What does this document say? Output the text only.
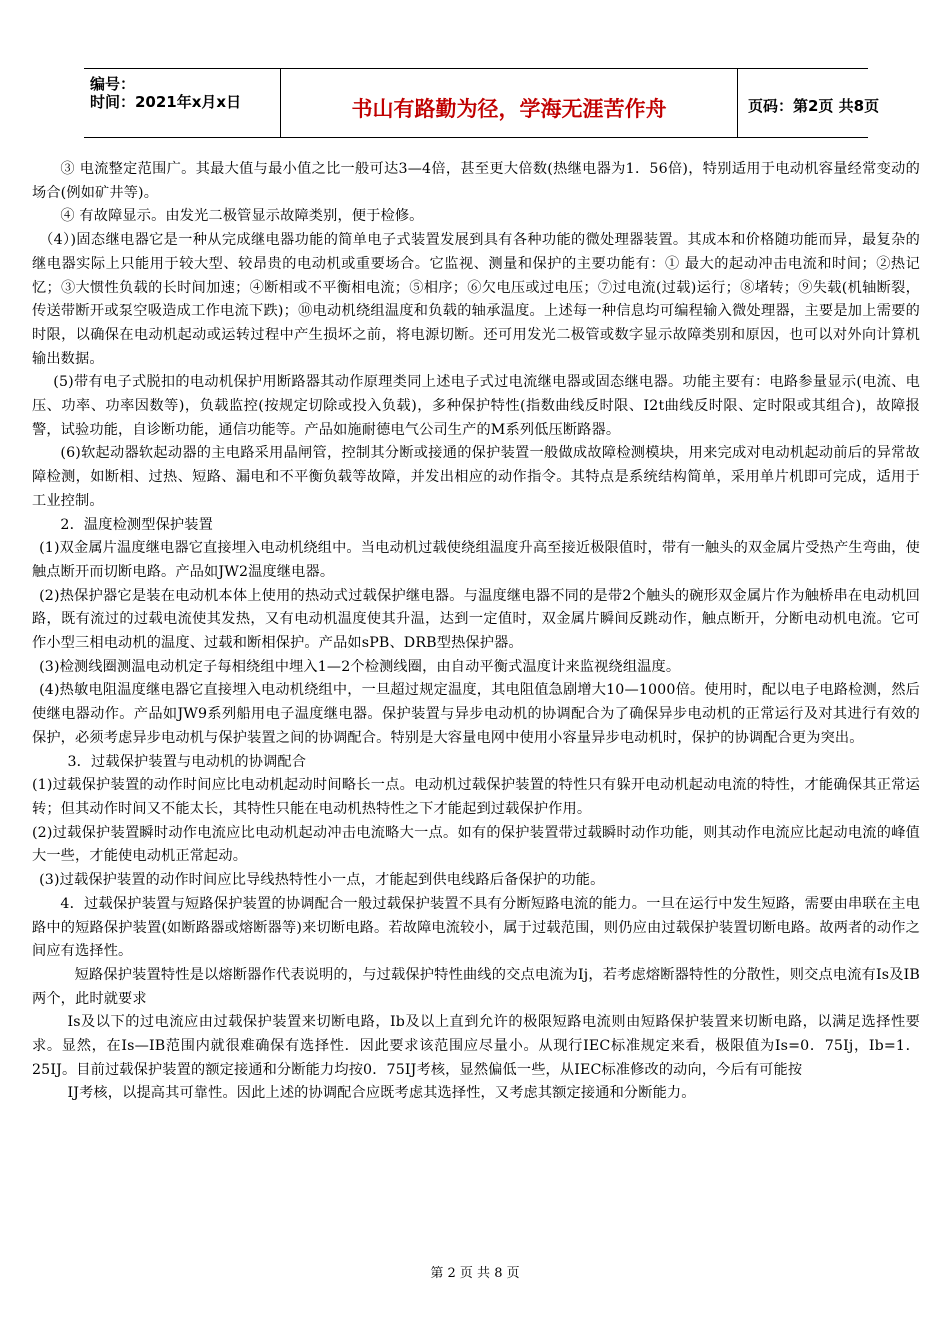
编号：
时间：2021年x月x日	书山有路勤为径，学海无涯苦作舟	页码：第2页 共8页

③ 电流整定范围广。其最大值与最小值之比一般可达3—4倍，甚至更大倍数(热继电器为1．56倍)，特别适用于电动机容量经常变动的场合(例如矿井等)。

④ 有故障显示。由发光二极管显示故障类别，便于检修。

（4）)固态继电器它是一种从完成继电器功能的简单电子式装置发展到具有各种功能的微处理器装置。其成本和价格随功能而异，最复杂的继电器实际上只能用于较大型、较昂贵的电动机或重要场合。它监视、测量和保护的主要功能有：① 最大的起动冲击电流和时间；②热记忆；③大惯性负载的长时间加速；④断相或不平衡相电流；⑤相序；⑥欠电压或过电压；⑦过电流(过载)运行；⑧堵转；⑨失载(机轴断裂，传送带断开或泵空吸造成工作电流下跌)；⑩电动机绕组温度和负载的轴承温度。上述每一种信息均可编程输入微处理器，主要是加上需要的时限，以确保在电动机起动或运转过程中产生损坏之前，将电源切断。还可用发光二极管或数字显示故障类别和原因，也可以对外向计算机输出数据。

(5)带有电子式脱扣的电动机保护用断路器其动作原理类同上述电子式过电流继电器或固态继电器。功能主要有：电路参量显示(电流、电压、功率、功率因数等)，负载监控(按规定切除或投入负载)，多种保护特性(指数曲线反时限、I2t曲线反时限、定时限或其组合)，故障报警，试验功能，自诊断功能，通信功能等。产品如施耐德电气公司生产的M系列低压断路器。

(6)软起动器软起动器的主电路采用晶闸管，控制其分断或接通的保护装置一般做成故障检测模块，用来完成对电动机起动前后的异常故障检测，如断相、过热、短路、漏电和不平衡负载等故障，并发出相应的动作指令。其特点是系统结构简单，采用单片机即可完成，适用于工业控制。

2．温度检测型保护装置

(1)双金属片温度继电器它直接埋入电动机绕组中。当电动机过载使绕组温度升高至接近极限值时，带有一触头的双金属片受热产生弯曲，使触点断开而切断电路。产品如JW2温度继电器。

(2)热保护器它是装在电动机本体上使用的热动式过载保护继电器。与温度继电器不同的是带2个触头的碗形双金属片作为触桥串在电动机回路，既有流过的过载电流使其发热，又有电动机温度使其升温，达到一定值时，双金属片瞬间反跳动作，触点断开，分断电动机电流。它可作小型三相电动机的温度、过载和断相保护。产品如sPB、DRB型热保护器。

(3)检测线圈测温电动机定子每相绕组中埋入1—2个检测线圈，由自动平衡式温度计来监视绕组温度。

(4)热敏电阻温度继电器它直接埋入电动机绕组中，一旦超过规定温度，其电阻值急剧增大10—1000倍。使用时，配以电子电路检测，然后使继电器动作。产品如JW9系列船用电子温度继电器。保护装置与异步电动机的协调配合为了确保异步电动机的正常运行及对其进行有效的保护，必须考虑异步电动机与保护装置之间的协调配合。特别是大容量电网中使用小容量异步电动机时，保护的协调配合更为突出。

3．过载保护装置与电动机的协调配合

(1)过载保护装置的动作时间应比电动机起动时间略长一点。电动机过载保护装置的特性只有躲开电动机起动电流的特性，才能确保其正常运转；但其动作时间又不能太长，其特性只能在电动机热特性之下才能起到过载保护作用。

(2)过载保护装置瞬时动作电流应比电动机起动冲击电流略大一点。如有的保护装置带过载瞬时动作功能，则其动作电流应比起动电流的峰值大一些，才能使电动机正常起动。

(3)过载保护装置的动作时间应比导线热特性小一点，才能起到供电线路后备保护的功能。

4．过载保护装置与短路保护装置的协调配合一般过载保护装置不具有分断短路电流的能力。一旦在运行中发生短路，需要由串联在主电路中的短路保护装置(如断路器或熔断器等)来切断电路。若故障电流较小，属于过载范围，则仍应由过载保护装置切断电路。故两者的动作之间应有选择性。

短路保护装置特性是以熔断器作代表说明的，与过载保护特性曲线的交点电流为Ij，若考虑熔断器特性的分散性，则交点电流有Is及IB两个，此时就要求

Is及以下的过电流应由过载保护装置来切断电路，Ib及以上直到允许的极限短路电流则由短路保护装置来切断电路，以满足选择性要求。显然，在Is—IB范围内就很难确保有选择性．因此要求该范围应尽量小。从现行IEC标准规定来看，极限值为Is=0．75Ij，Ib=1．25IJ。目前过载保护装置的额定接通和分断能力均按0．75IJ考核，显然偏低一些，从IEC标准修改的动向，今后有可能按

IJ考核，以提高其可靠性。因此上述的协调配合应既考虑其选择性，又考虑其额定接通和分断能力。

第 2 页 共 8 页
